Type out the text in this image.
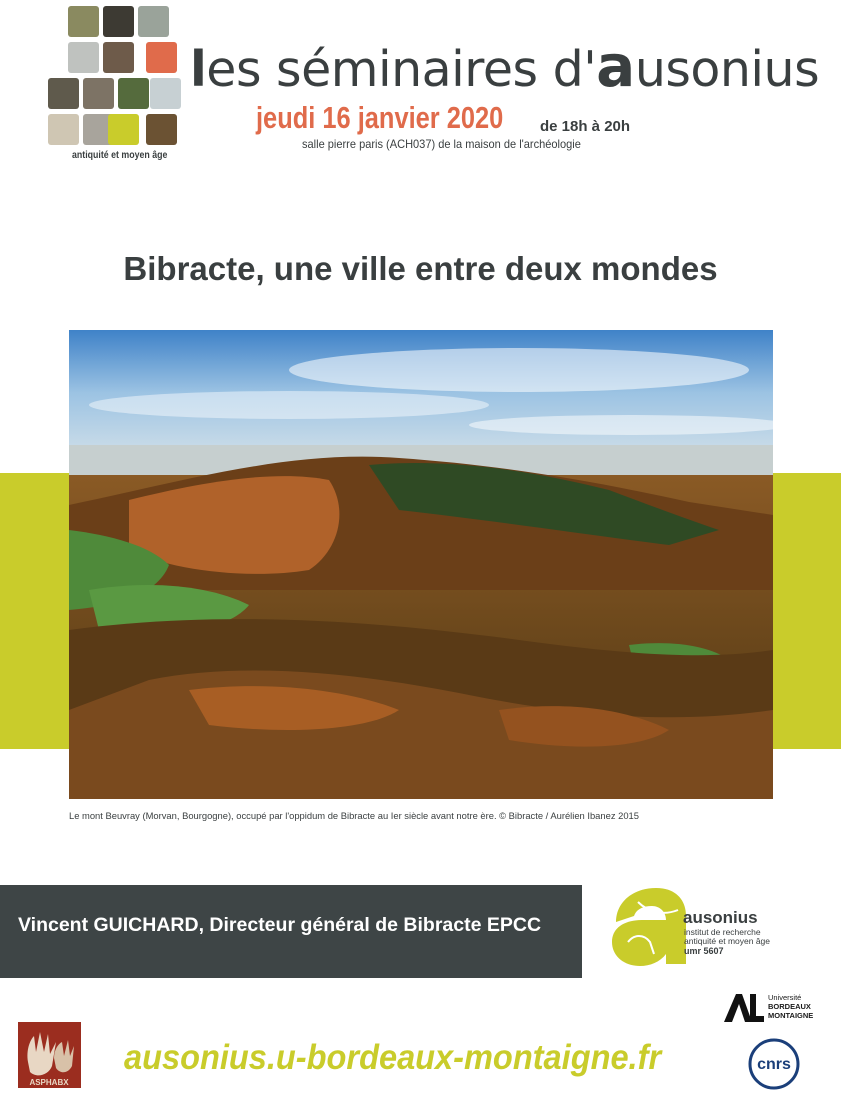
les séminaires d'ausonius
antiquité et moyen âge
jeudi 16 janvier 2020 de 18h à 20h
salle pierre paris (ACH037) de la maison de l'archéologie
Bibracte, une ville entre deux mondes
Le mont Beuvray (Morvan, Bourgogne), occupé par l'oppidum de Bibracte au Ier siècle avant notre ère. © Bibracte / Aurélien Ibanez 2015
Vincent GUICHARD, Directeur général de Bibracte EPCC	ausonius
institut de recherche
antiquité et moyen âge
umr 5607
Université
BORDEAUX
MONTAIGNE
cnrs
ASPHABX
ausonius.u-bordeaux-montaigne.fr
